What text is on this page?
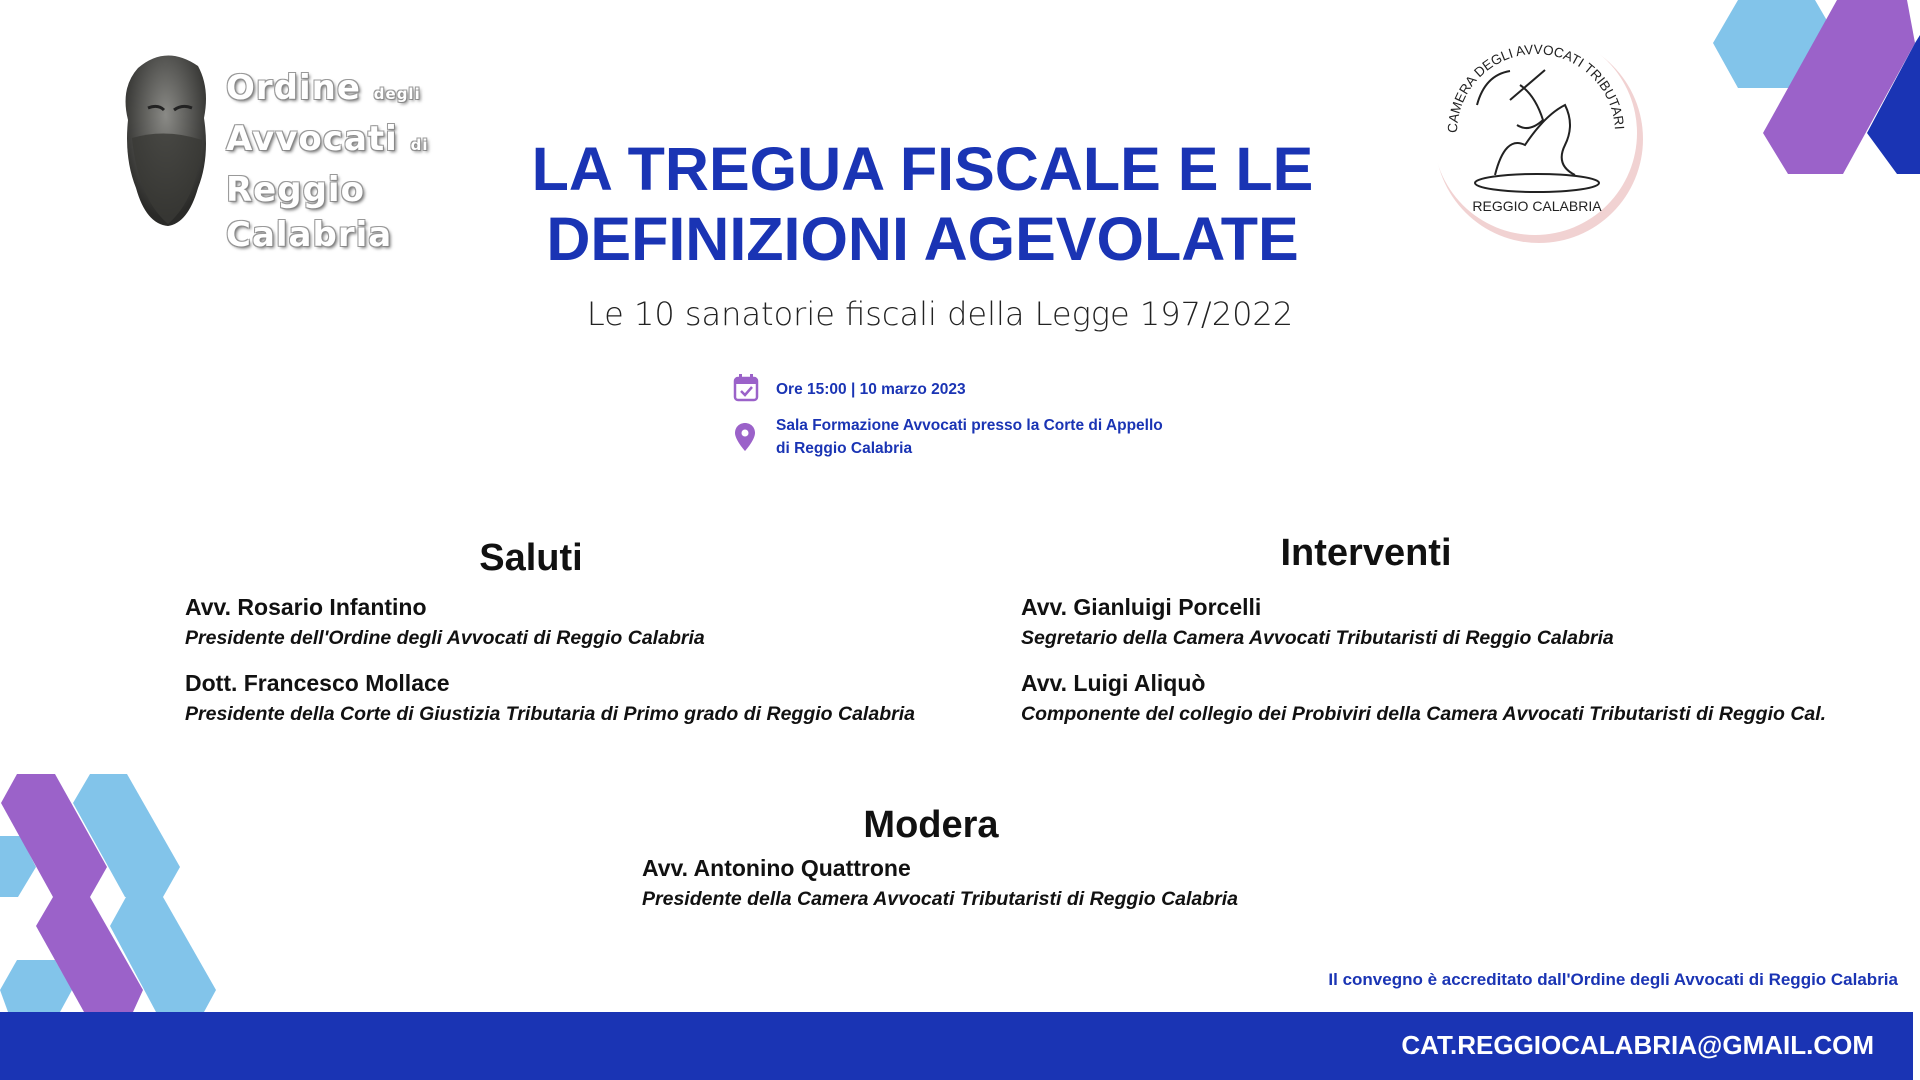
Ordine degli
Avvocati di
Reggio Calabria
CAMERA DEGLI AVVOCATI TRIBUTARI
REGGIO CALABRIA
LA TREGUA FISCALE E LE
DEFINIZIONI AGEVOLATE
Le 10 sanatorie fiscali della Legge 197/2022
Ore 15:00 | 10 marzo 2023
Sala Formazione Avvocati presso la Corte di Appello
di Reggio Calabria
Saluti
Avv. Rosario Infantino
Presidente dell'Ordine degli Avvocati di Reggio Calabria
Dott. Francesco Mollace
Presidente della Corte di Giustizia Tributaria di Primo grado di Reggio Calabria
Interventi
Avv. Gianluigi Porcelli
Segretario della Camera Avvocati Tributaristi di Reggio Calabria
Avv. Luigi Aliquò
Componente del collegio dei Probiviri della Camera Avvocati Tributaristi di Reggio Cal.
Modera
Avv. Antonino Quattrone
Presidente della Camera Avvocati Tributaristi di Reggio Calabria
Il convegno è accreditato dall'Ordine degli Avvocati di Reggio Calabria
CAT.REGGIOCALABRIA@GMAIL.COM
